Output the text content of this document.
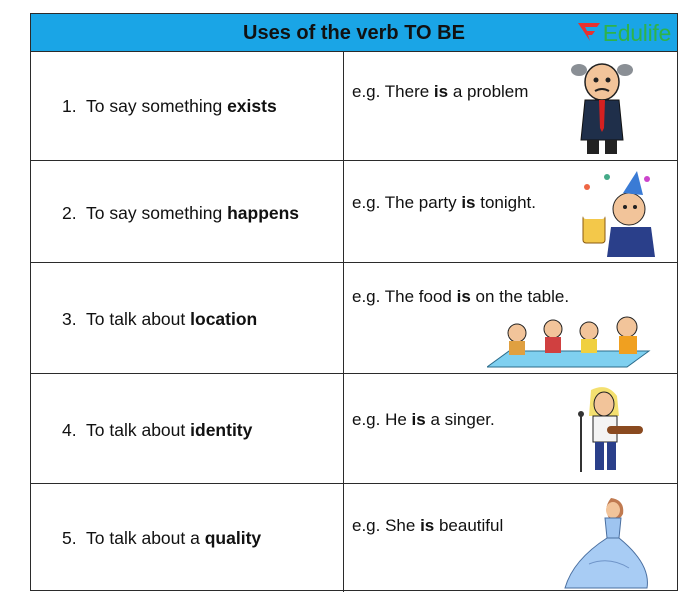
Uses of the verb TO BE	Edulife
1. To say something exists
e.g. There is a problem
2. To say something happens
e.g. The party is tonight.
3. To talk about location
e.g. The food is on the table.
4. To talk about identity
e.g. He is a singer.
5. To talk about a quality
e.g. She is beautiful
